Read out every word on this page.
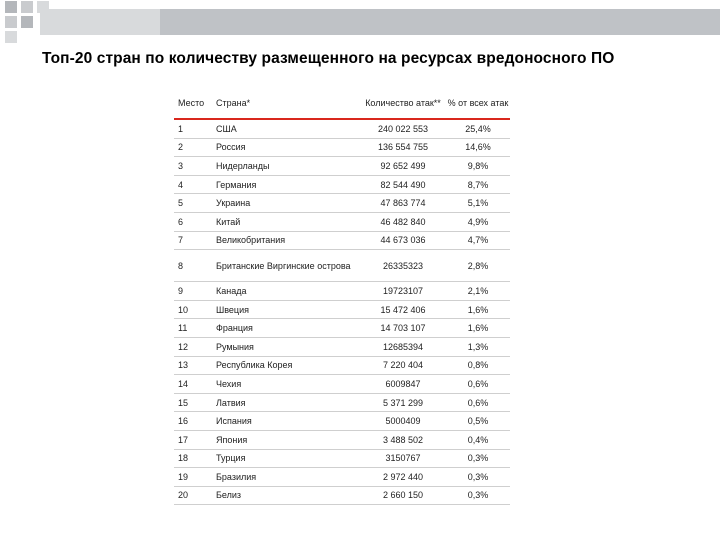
Топ-20 стран по количеству размещенного на ресурсах вредоносного ПО
Место	Страна*	Количество атак**	% от всех атак
1	США	240 022 553	25,4%
2	Россия	136 554 755	14,6%
3	Нидерланды	92 652 499	9,8%
4	Германия	82 544 490	8,7%
5	Украина	47 863 774	5,1%
6	Китай	46 482 840	4,9%
7	Великобритания	44 673 036	4,7%
8	Британские Виргинские острова	26335323	2,8%
9	Канада	19723107	2,1%
10	Швеция	15 472 406	1,6%
11	Франция	14 703 107	1,6%
12	Румыния	12685394	1,3%
13	Республика Корея	7 220 404	0,8%
14	Чехия	6009847	0,6%
15	Латвия	5 371 299	0,6%
16	Испания	5000409	0,5%
17	Япония	3 488 502	0,4%
18	Турция	3150767	0,3%
19	Бразилия	2 972 440	0,3%
20	Белиз	2 660 150	0,3%
